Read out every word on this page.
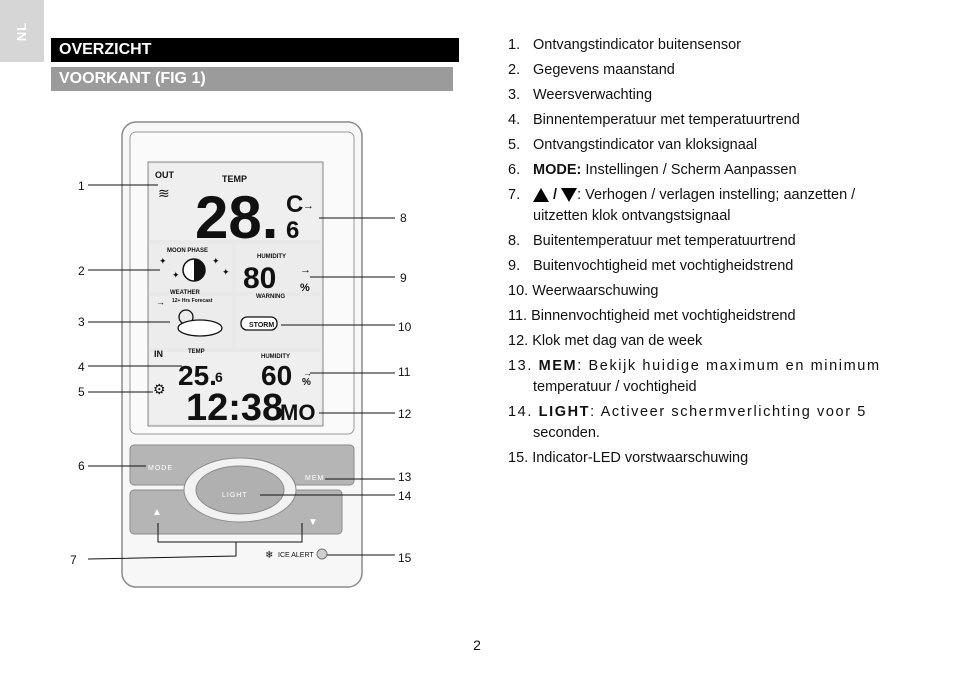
NL
OVERZICHT
VOORKANT (FIG 1)
OUT
≋
TEMP
28. C
6
→
MOON PHASE
✦
✦
✦
✦
HUMIDITY
80 %
→
WEATHER
12+ Hrs Forecast
WARNING
→
STORM
IN	TEMP
HUMIDITY
25.
6 60 %
→
⚙ 12:38
MO
MODE
MEM
▲
▼
LIGHT
❄ ICE ALERT
1
2
3
4
5
6
7
8
9
10
11
12
13
14
15
1. Ontvangstindicator buitensensor
2. Gegevens maanstand
3. Weersverwachting
4. Binnentemperatuur met temperatuurtrend
5. Ontvangstindicator van kloksignaal
6. MODE: Instellingen / Scherm Aanpassen
7. / : Verhogen / verlagen instelling; aanzetten /
uitzetten klok ontvangstsignaal
8. Buitentemperatuur met temperatuurtrend
9. Buitenvochtigheid met vochtigheidstrend
10. Weerwaarschuwing
11. Binnenvochtigheid met vochtigheidstrend
12. Klok met dag van de week
13. MEM: Bekijk huidige maximum en minimum
temperatuur / vochtigheid
14. LIGHT: Activeer schermverlichting voor 5
seconden.
15. Indicator-LED vorstwaarschuwing
2
